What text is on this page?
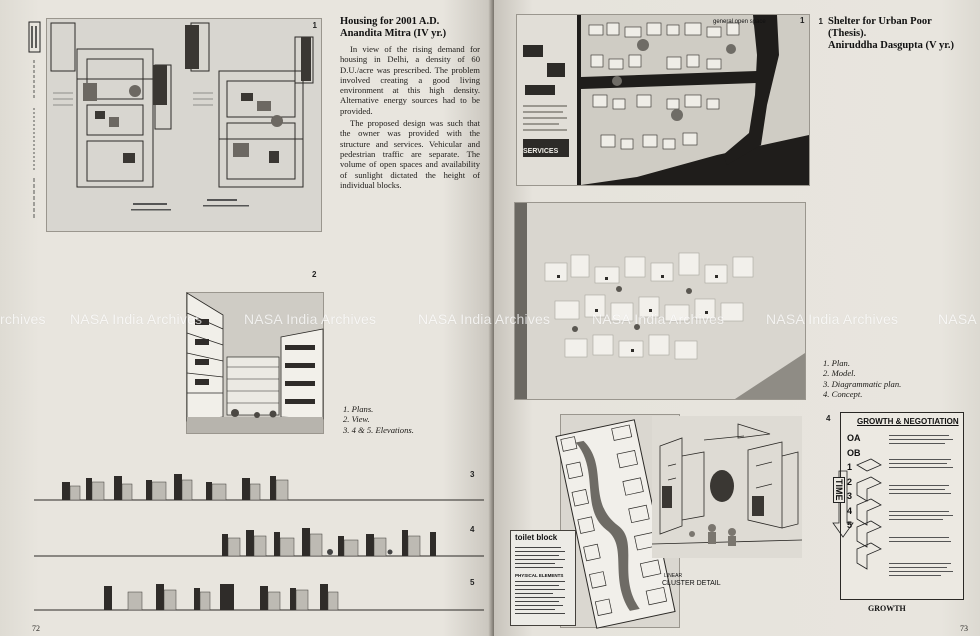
1 Housing for 2001 A.D.
Anandita Mitra (IV yr.)

In view of the rising demand for housing in Delhi, a density of 60 D.U./acre was prescribed. The problem involved creating a good living environment at this high density. Alternative energy sources had to be provided.

The proposed design was such that the owner was provided with the structure and services. Vehicular and pedestrian traffic are separate. The volume of open spaces and availability of sunlight dictated the height of individual blocks.

2
1. Plans.
2. View.
3. 4 & 5. Elevations.
3
4
5
72
Shelter for Urban Poor
(Thesis).
Aniruddha Dasgupta (V yr.)
1. Plan.
2. Model.
3. Diagrammatic plan.
4. Concept.
73
general open space
SERVICES
1
1
LINEAR
CLUSTER DETAIL
toilet block
PHYSICAL ELEMENTS
4	GROWTH & NEGOTIATION
OA
OB
1
2
3
4
5
TIME
GROWTH
rchives NASA India Archives	NASA India Archives	NASA India Archives	NASA India Archives	NASA India Archives	NASA
